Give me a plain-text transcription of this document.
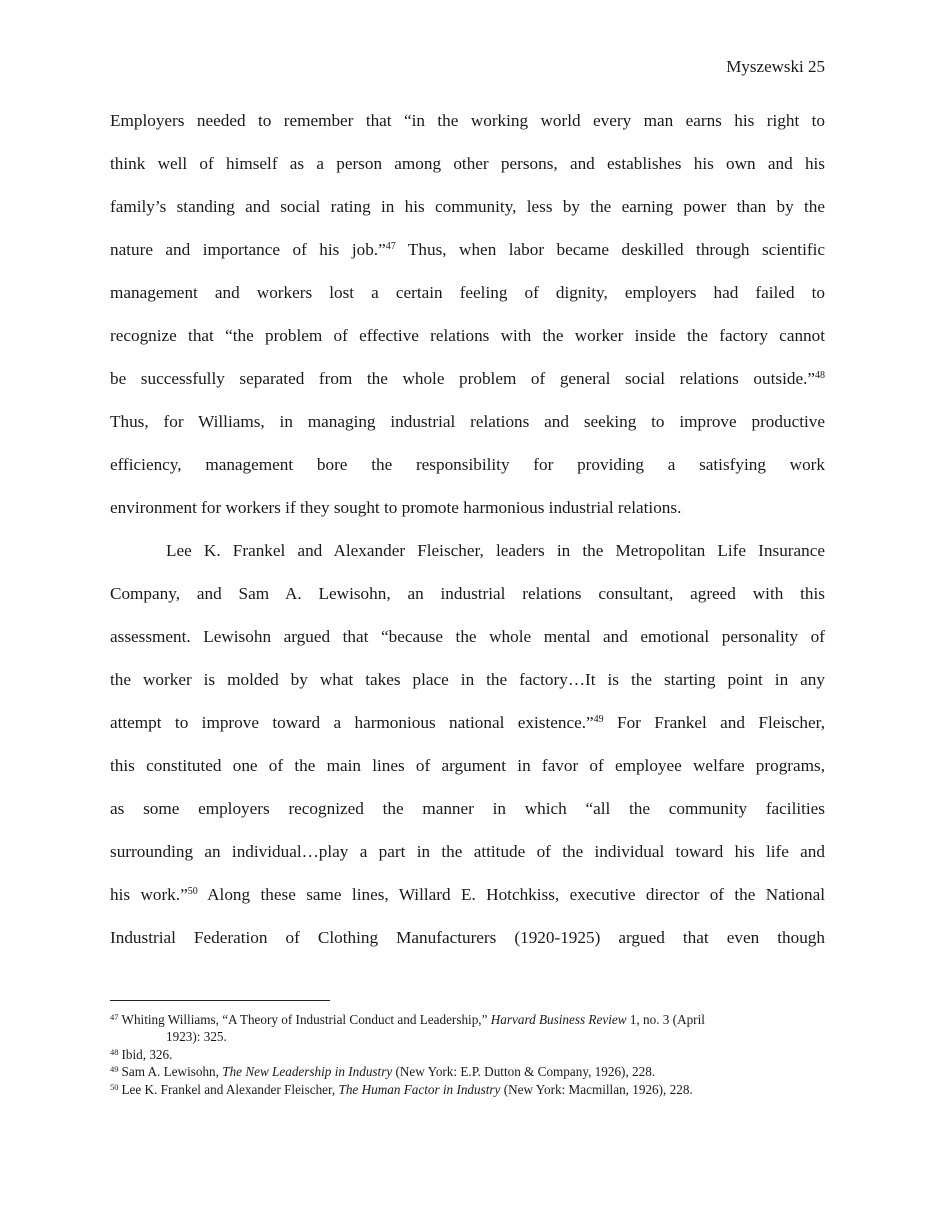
Myszewski 25
Employers needed to remember that “in the working world every man earns his right to
think well of himself as a person among other persons, and establishes his own and his
family’s standing and social rating in his community, less by the earning power than by the
nature and importance of his job.”$^{47}$ Thus, when labor became deskilled through scientific
management and workers lost a certain feeling of dignity, employers had failed to
recognize that “the problem of effective relations with the worker inside the factory cannot
be successfully separated from the whole problem of general social relations outside.”$^{48}$
Thus, for Williams, in managing industrial relations and seeking to improve productive
efficiency, management bore the responsibility for providing a satisfying work
environment for workers if they sought to promote harmonious industrial relations.
Lee K. Frankel and Alexander Fleischer, leaders in the Metropolitan Life Insurance
Company, and Sam A. Lewisohn, an industrial relations consultant, agreed with this
assessment. Lewisohn argued that “because the whole mental and emotional personality of
the worker is molded by what takes place in the factory…It is the starting point in any
attempt to improve toward a harmonious national existence.”$^{49}$ For Frankel and Fleischer,
this constituted one of the main lines of argument in favor of employee welfare programs,
as some employers recognized the manner in which “all the community facilities
surrounding an individual…play a part in the attitude of the individual toward his life and
his work.”$^{50}$ Along these same lines, Willard E. Hotchkiss, executive director of the National
Industrial Federation of Clothing Manufacturers (1920-1925) argued that even though
$^{47}$ Whiting Williams, “A Theory of Industrial Conduct and Leadership,” Harvard Business Review 1, no. 3 (April
1923): 325.
$^{48}$ Ibid, 326.
$^{49}$ Sam A. Lewisohn, The New Leadership in Industry (New York: E.P. Dutton & Company, 1926), 228.
$^{50}$ Lee K. Frankel and Alexander Fleischer, The Human Factor in Industry (New York: Macmillan, 1926), 228.
